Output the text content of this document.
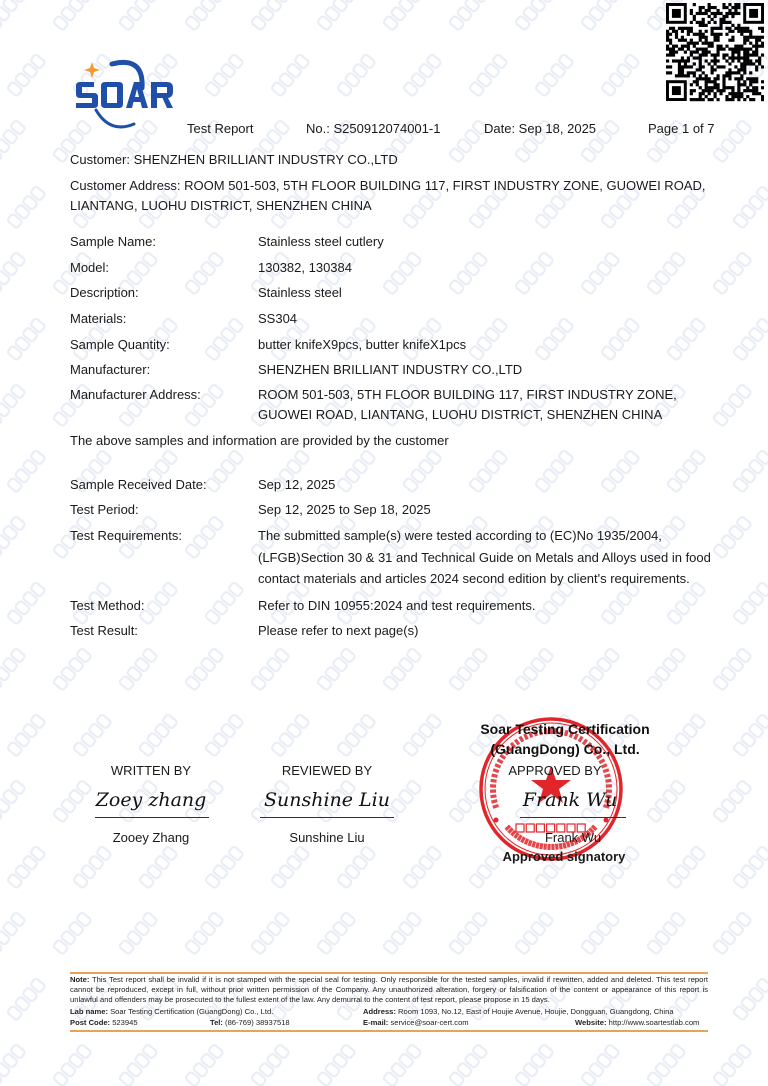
Test Report	No.: S250912074001-1	Date: Sep 18, 2025	Page 1 of 7
Customer: SHENZHEN BRILLIANT INDUSTRY CO.,LTD
Customer Address: ROOM 501-503, 5TH FLOOR BUILDING 117, FIRST INDUSTRY ZONE, GUOWEI ROAD,
LIANTANG, LUOHU DISTRICT, SHENZHEN CHINA
Sample Name:	Stainless steel cutlery
Model:	130382, 130384
Description:	Stainless steel
Materials:	SS304
Sample Quantity:	butter knifeX9pcs, butter knifeX1pcs
Manufacturer:	SHENZHEN BRILLIANT INDUSTRY CO.,LTD
Manufacturer Address:	ROOM 501-503, 5TH FLOOR BUILDING 117, FIRST INDUSTRY ZONE,
GUOWEI ROAD, LIANTANG, LUOHU DISTRICT, SHENZHEN CHINA
The above samples and information are provided by the customer
Sample Received Date:	Sep 12, 2025
Test Period:	Sep 12, 2025 to Sep 18, 2025
Test Requirements:	The submitted sample(s) were tested according to (EC)No 1935/2004,
(LFGB)Section 30 & 31 and Technical Guide on Metals and Alloys used in food
contact materials and articles 2024 second edition by client's requirements.
Test Method:	Refer to DIN 10955:2024 and test requirements.
Test Result:	Please refer to next page(s)
WRITTEN BY
Zoey zhang
Zooey Zhang
REVIEWED BY
Sunshine Liu
Sunshine Liu
Soar Testing Certification
(GuangDong) Co., Ltd.
APPROVED BY
Frank Wu
Frank Wu
Approved signatory
Note: This Test report shall be invalid if it is not stamped with the special seal for testing. Only responsible for the tested samples, invalid if rewritten, added and deleted. This test report cannot be reproduced, except in full, without prior written permission of the Company. Any unauthorized alteration, forgery or falsification of the content or appearance of this report is unlawful and offenders may be prosecuted to the fullest extent of the law. Any demurral to the content of test report, please propose in 15 days.
Lab name: Soar Testing Certification (GuangDong) Co., Ltd.	Address: Room 1093, No.12, East of Houjie Avenue, Houjie, Dongguan, Guangdong, China
Post Code: 523945	Tel: (86-769) 38937518	E-mail: service@soar-cert.com	Website: http://www.soartestlab.com
